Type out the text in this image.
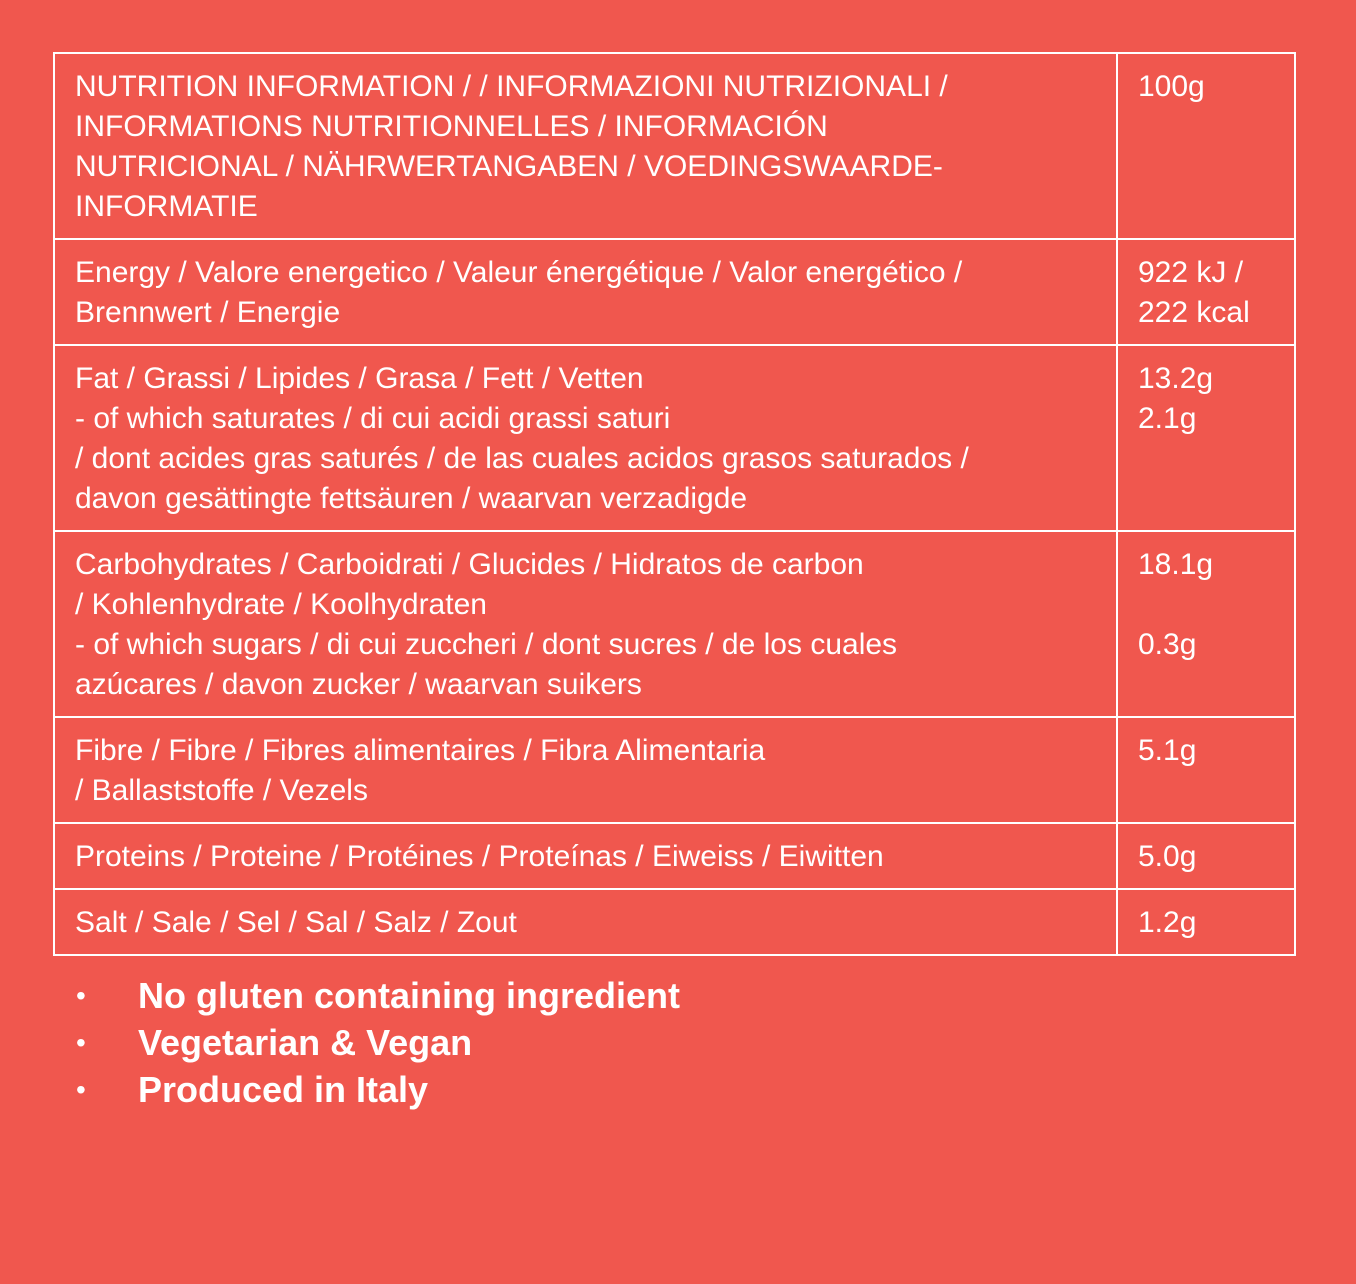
NUTRITION INFORMATION / / INFORMAZIONI NUTRIZIONALI /
INFORMATIONS NUTRITIONNELLES / INFORMACIÓN
NUTRICIONAL / NÄHRWERTANGABEN / VOEDINGSWAARDE-
INFORMATIE	100g
Energy / Valore energetico / Valeur énergétique / Valor energético /
Brennwert / Energie	922 kJ /
222 kcal
Fat / Grassi / Lipides / Grasa / Fett / Vetten
- of which saturates / di cui acidi grassi saturi
/ dont acides gras saturés / de las cuales acidos grasos saturados /
davon gesättingte fettsäuren / waarvan verzadigde	13.2g
2.1g
Carbohydrates / Carboidrati / Glucides / Hidratos de carbon
/ Kohlenhydrate / Koolhydraten
- of which sugars / di cui zuccheri / dont sucres / de los cuales
azúcares / davon zucker / waarvan suikers	18.1g

0.3g
Fibre / Fibre / Fibres alimentaires / Fibra Alimentaria
/ Ballaststoffe / Vezels	5.1g
Proteins / Proteine / Protéines / Proteínas / Eiweiss / Eiwitten	5.0g
Salt / Sale / Sel / Sal / Salz / Zout	1.2g
• No gluten containing ingredient
• Vegetarian & Vegan
• Produced in Italy
